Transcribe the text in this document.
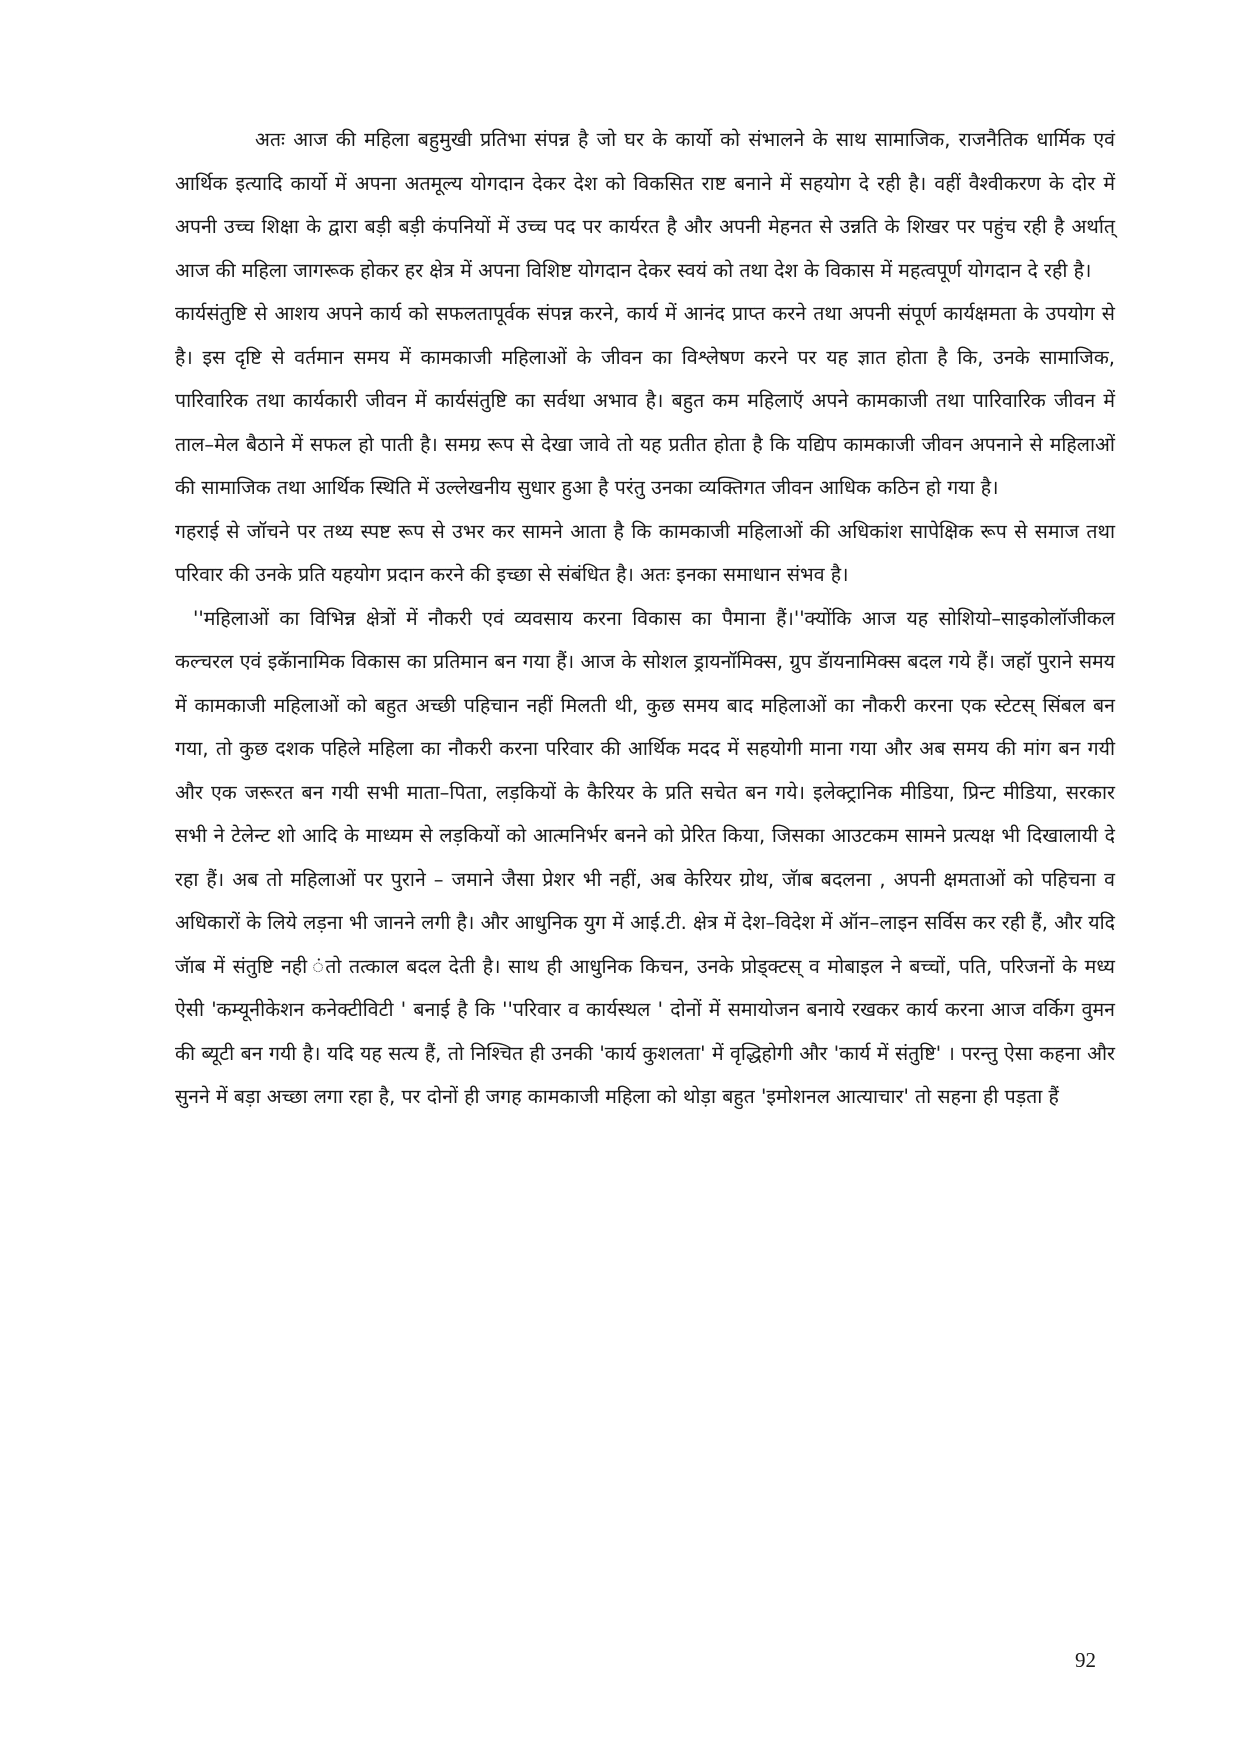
अतः आज की महिला बहुमुखी प्रतिभा संपन्न है जो घर के कार्यो को संभालने के साथ सामाजिक, राजनैतिक धार्मिक एवं आर्थिक इत्यादि कार्यो में अपना अतमूल्य योगदान देकर देश को विकसित राष्ट बनाने में सहयोग दे रही है। वहीं वैश्वीकरण के दोर में अपनी उच्च शिक्षा के द्वारा बड़ी बड़ी कंपनियों में उच्च पद पर कार्यरत है और अपनी मेहनत से उन्नति के शिखर पर पहुंच रही है अर्थात् आज की महिला जागरूक होकर हर क्षेत्र में अपना विशिष्ट योगदान देकर स्वयं को तथा देश के विकास में महत्वपूर्ण योगदान दे रही है।

कार्यसंतुष्टि से आशय अपने कार्य को सफलतापूर्वक संपन्न करने, कार्य में आनंद प्राप्त करने तथा अपनी संपूर्ण कार्यक्षमता के उपयोग से है। इस दृष्टि से वर्तमान समय में कामकाजी महिलाओं के जीवन का विश्लेषण करने पर यह ज्ञात होता है कि, उनके सामाजिक, पारिवारिक तथा कार्यकारी जीवन में कार्यसंतुष्टि का सर्वथा अभाव है। बहुत कम महिलाऍ अपने कामकाजी तथा पारिवारिक जीवन में ताल–मेल बैठाने में सफल हो पाती है। समग्र रूप से देखा जावे तो यह प्रतीत होता है कि यद्यिप कामकाजी जीवन अपनाने से महिलाओं की सामाजिक तथा आर्थिक स्थिति में उल्लेखनीय सुधार हुआ है परंतु उनका व्यक्तिगत जीवन आधिक कठिन हो गया है।

गहराई से जॉचने पर तथ्य स्पष्ट रूप से उभर कर सामने आता है कि कामकाजी महिलाओं की अधिकांश सापेक्षिक रूप से समाज तथा परिवार की उनके प्रति यहयोग प्रदान करने की इच्छा से संबंधित है। अतः इनका समाधान संभव है।

''महिलाओं का विभिन्न क्षेत्रों में नौकरी एवं व्यवसाय करना विकास का पैमाना हैं।''क्योंकि आज यह सोशियो–साइकोलॉजीकल कल्चरल एवं इकॅानामिक विकास का प्रतिमान बन गया हैं। आज के सोशल ड्रायनॉमिक्स, ग्रुप डॅायनामिक्स बदल गये हैं। जहॉ पुराने समय में कामकाजी महिलाओं को बहुत अच्छी पहिचान नहीं मिलती थी, कुछ समय बाद महिलाओं का नौकरी करना एक स्टेटस् सिंबल बन गया, तो कुछ दशक पहिले महिला का नौकरी करना परिवार की आर्थिक मदद में सहयोगी माना गया और अब समय की मांग बन गयी और एक जरूरत बन गयी सभी माता–पिता, लड़कियों के कैरियर के प्रति सचेत बन गये। इलेक्ट्रानिक मीडिया, प्रिन्ट मीडिया, सरकार सभी ने टेलेन्ट शो आदि के माध्यम से लड़कियों को आत्मनिर्भर बनने को प्रेरित किया, जिसका आउटकम सामने प्रत्यक्ष भी दिखालायी दे रहा हैं। अब तो महिलाओं पर पुराने – जमाने जैसा प्रेशर भी नहीं, अब केरियर ग्रोथ, जॅाब बदलना , अपनी क्षमताओं को पहिचना व अधिकारों के लिये लड़ना भी जानने लगी है। और आधुनिक युग में आई.टी. क्षेत्र में देश–विदेश में ऑन–लाइन सर्विस कर रही हैं, और यदि जॅाब में संतुष्टि नही ंतो तत्काल बदल देती है। साथ ही आधुनिक किचन, उनके प्रोड्क्टस् व मोबाइल ने बच्चों, पति, परिजनों के मध्य ऐसी 'कम्यूनीकेशन कनेक्टीविटी ' बनाई है कि ''परिवार व कार्यस्थल ' दोनों में समायोजन बनाये रखकर कार्य करना आज वर्किग वुमन की ब्यूटी बन गयी है। यदि यह सत्य हैं, तो निश्चित ही उनकी 'कार्य कुशलता' में वृद्धिहोगी और 'कार्य में संतुष्टि' । परन्तु ऐसा कहना और सुनने में बड़ा अच्छा लगा रहा है, पर दोनों ही जगह कामकाजी महिला को थोड़ा बहुत 'इमोशनल आत्याचार' तो सहना ही पड़ता हैं

92
